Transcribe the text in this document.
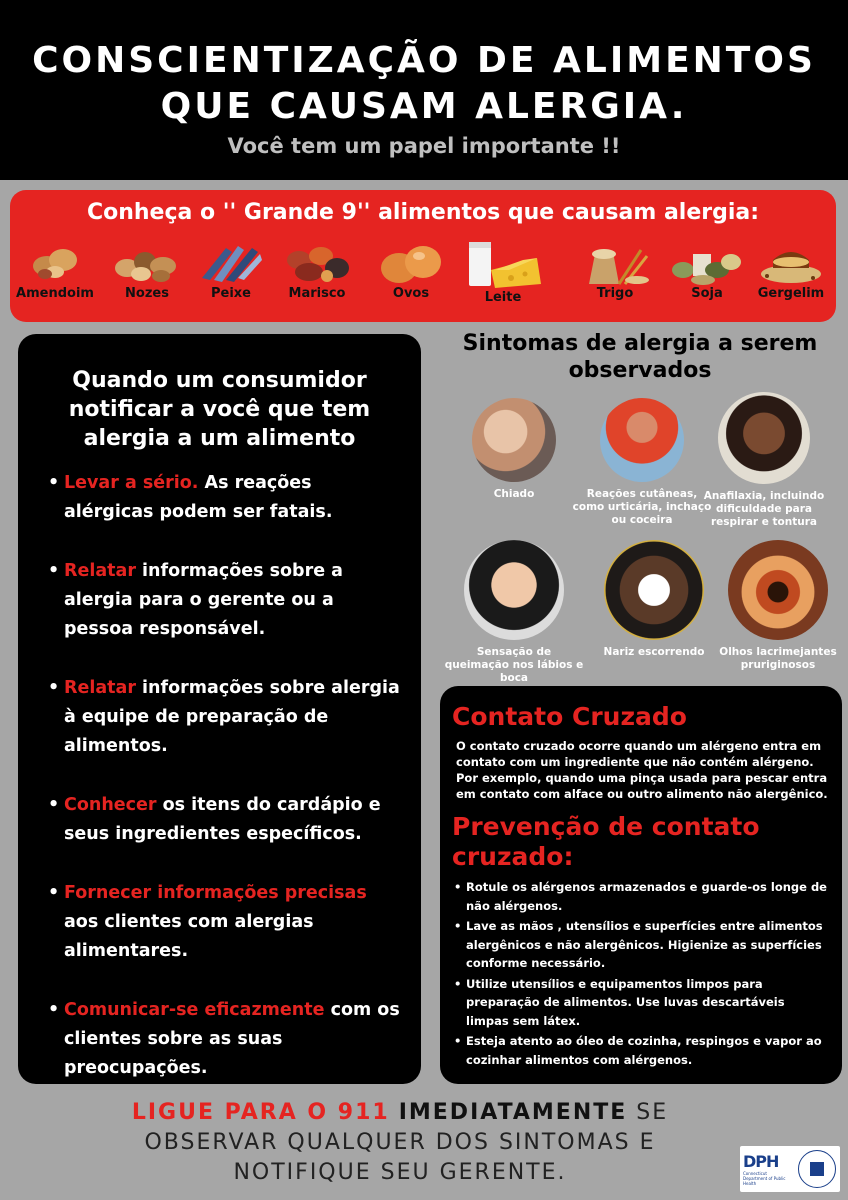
CONSCIENTIZAÇÃO DE ALIMENTOS
QUE CAUSAM ALERGIA.
Você tem um papel importante !!
Conheça o '' Grande 9'' alimentos que causam alergia:
Amendoim	Nozes	Peixe	Marisco	Ovos	Leite	Trigo	Soja	Gergelim
Quando um consumidor notificar a você que tem alergia a um alimento
• Levar a sério. As reações alérgicas podem ser fatais.
• Relatar informações sobre a alergia para o gerente ou a pessoa responsável.
• Relatar informações sobre alergia à equipe de preparação de alimentos.
• Conhecer os itens do cardápio e seus ingredientes específicos.
• Fornecer informações precisas aos clientes com alergias alimentares.
• Comunicar-se eficazmente com os clientes sobre as suas preocupações.
Sintomas de alergia a serem observados
Chiado	Reações cutâneas, como urticária, inchaço ou coceira
Anafilaxia, incluindo dificuldade para respirar e tontura
Sensação de queimação nos lábios e boca
Nariz escorrendo	Olhos lacrimejantes pruriginosos
Contato Cruzado

O contato cruzado ocorre quando um alérgeno entra em contato com um ingrediente que não contém alérgeno. Por exemplo, quando uma pinça usada para pescar entra em contato com alface ou outro alimento não alergênico.

Prevenção de contato cruzado:
• Rotule os alérgenos armazenados e guarde-os longe de não alérgenos.
• Lave as mãos , utensílios e superfícies entre alimentos alergênicos e não alergênicos. Higienize as superfícies conforme necessário.
• Utilize utensílios e equipamentos limpos para preparação de alimentos. Use luvas descartáveis limpas sem látex.
• Esteja atento ao óleo de cozinha, respingos e vapor ao cozinhar alimentos com alérgenos.
LIGUE PARA O 911 IMEDIATAMENTE SE
OBSERVAR QUALQUER DOS SINTOMAS E
NOTIFIQUE SEU GERENTE.	DPH
Connecticut Department of Public Health
